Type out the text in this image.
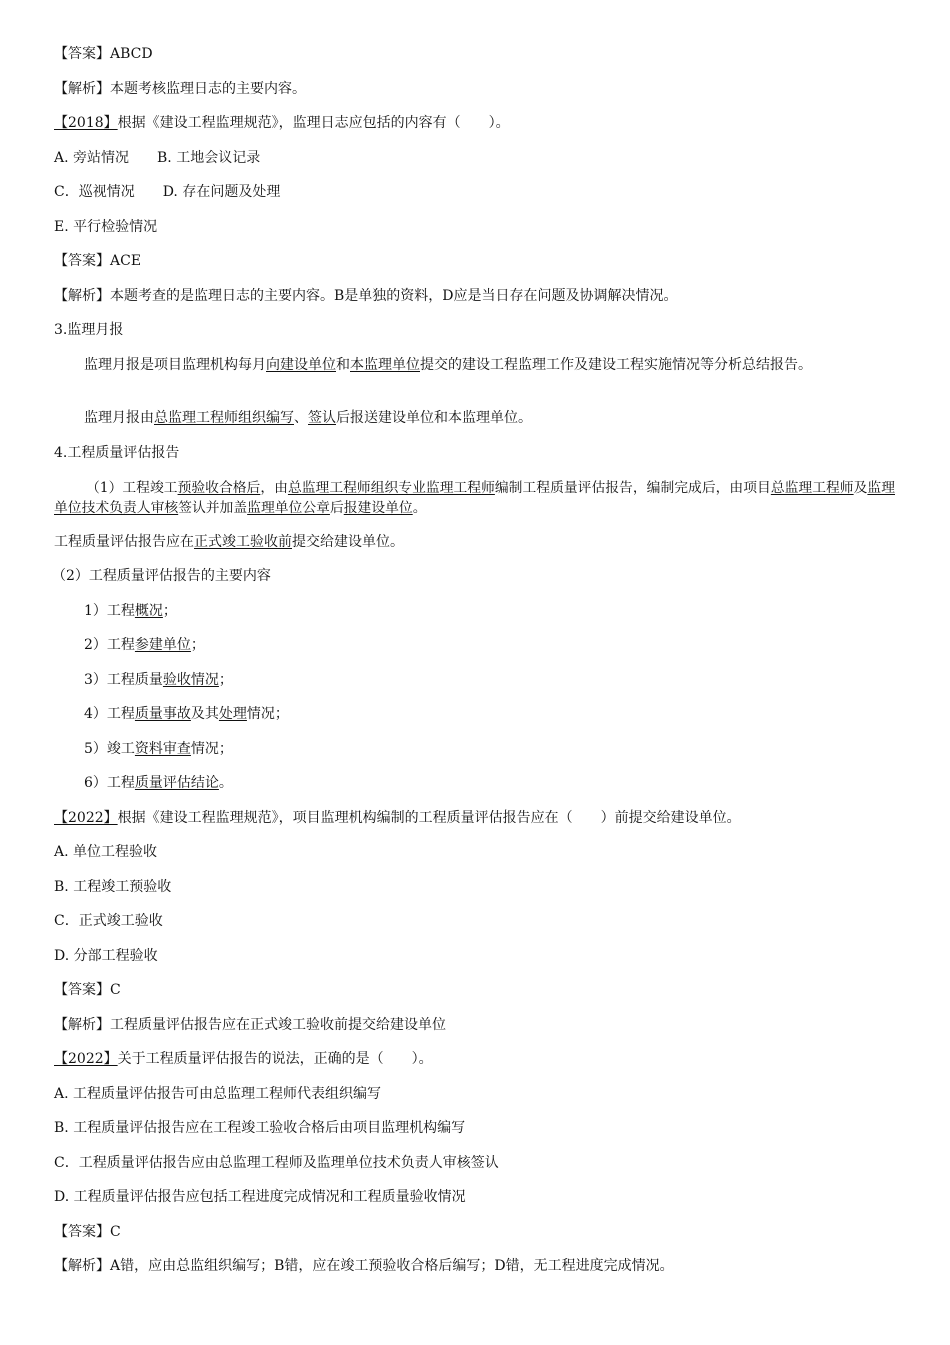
【答案】ABCD
【解析】本题考核监理日志的主要内容。
【2018】根据《建设工程监理规范》，监理日志应包括的内容有（　　）。
A. 旁站情况　　B. 工地会议记录
C．巡视情况　　D. 存在问题及处理
E. 平行检验情况
【答案】ACE
【解析】本题考查的是监理日志的主要内容。B是单独的资料，D应是当日存在问题及协调解决情况。
3.监理月报
监理月报是项目监理机构每月向建设单位和本监理单位提交的建设工程监理工作及建设工程实施情况等分析总结报告。
监理月报由总监理工程师组织编写、签认后报送建设单位和本监理单位。
4.工程质量评估报告
（1）工程竣工预验收合格后，由总监理工程师组织专业监理工程师编制工程质量评估报告，编制完成后，由项目总监理工程师及监理单位技术负责人审核签认并加盖监理单位公章后报建设单位。
工程质量评估报告应在正式竣工验收前提交给建设单位。
（2）工程质量评估报告的主要内容
1）工程概况；
2）工程参建单位；
3）工程质量验收情况；
4）工程质量事故及其处理情况；
5）竣工资料审查情况；
6）工程质量评估结论。
【2022】根据《建设工程监理规范》，项目监理机构编制的工程质量评估报告应在（　　）前提交给建设单位。
A. 单位工程验收
B. 工程竣工预验收
C．正式竣工验收
D. 分部工程验收
【答案】C
【解析】工程质量评估报告应在正式竣工验收前提交给建设单位
【2022】关于工程质量评估报告的说法，正确的是（　　）。
A. 工程质量评估报告可由总监理工程师代表组织编写
B. 工程质量评估报告应在工程竣工验收合格后由项目监理机构编写
C．工程质量评估报告应由总监理工程师及监理单位技术负责人审核签认
D. 工程质量评估报告应包括工程进度完成情况和工程质量验收情况
【答案】C
【解析】A错，应由总监组织编写；B错，应在竣工预验收合格后编写；D错，无工程进度完成情况。
